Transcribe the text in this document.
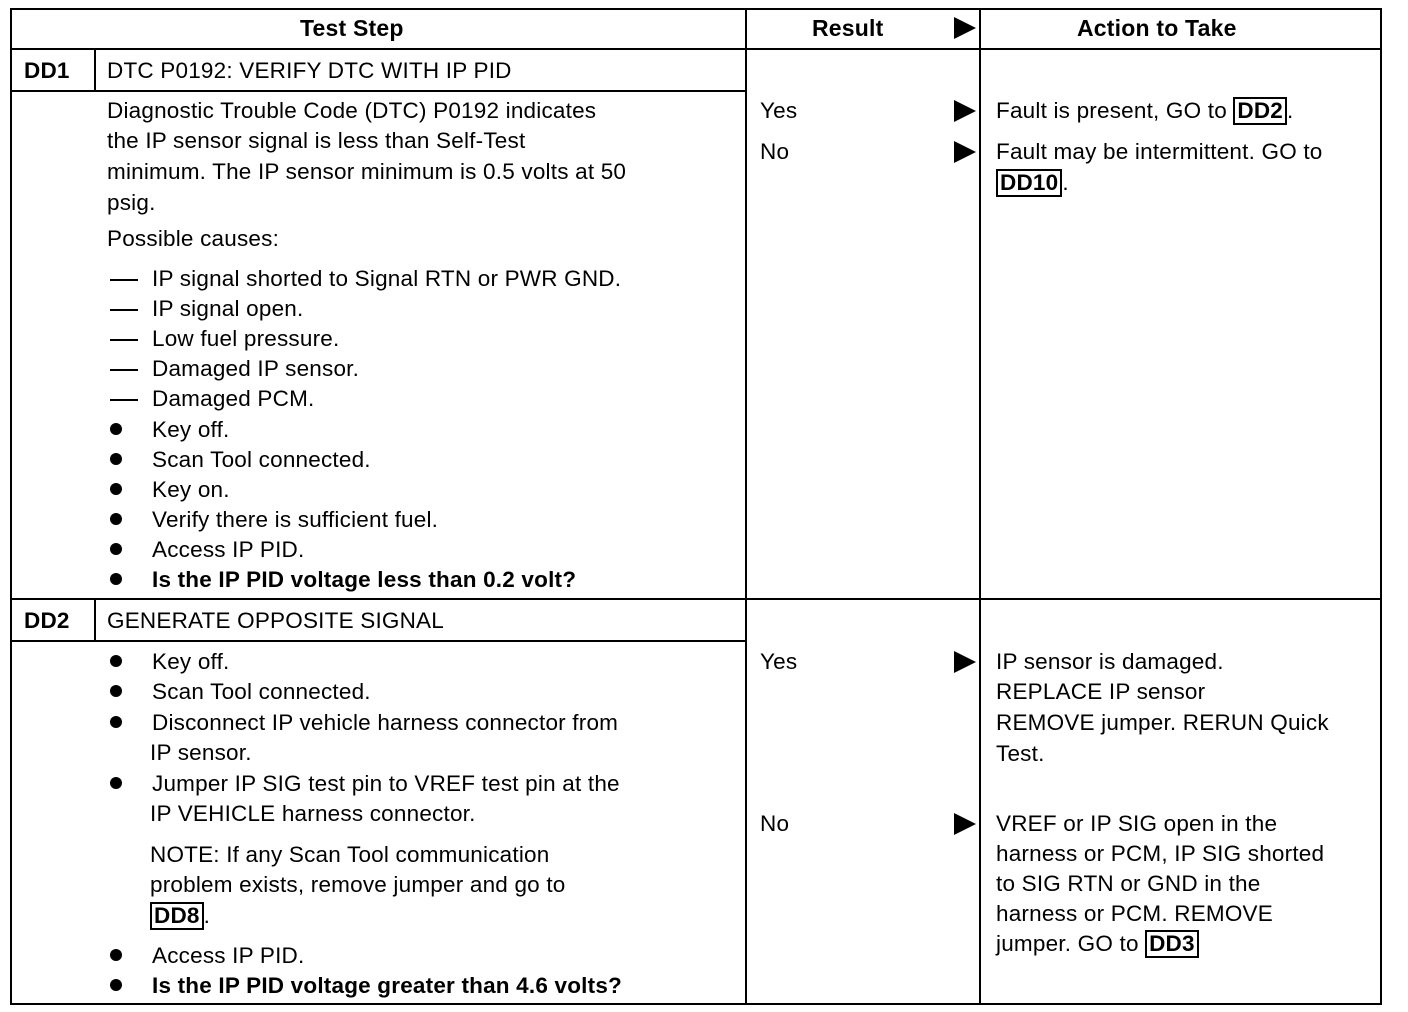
Test Step	Result	Action to Take
DD1 DTC P0192: VERIFY DTC WITH IP PID
Diagnostic Trouble Code (DTC) P0192 indicates
the IP sensor signal is less than Self-Test
minimum. The IP sensor minimum is 0.5 volts at 50
psig.
Possible causes:
IP signal shorted to Signal RTN or PWR GND.
IP signal open.
Low fuel pressure.
Damaged IP sensor.
Damaged PCM.
Key off.
Scan Tool connected.
Key on.
Verify there is sufficient fuel.
Access IP PID.
Is the IP PID voltage less than 0.2 volt?
Yes	Fault is present, GO to DD2 .
No	Fault may be intermittent. GO to
DD10 .
DD2 GENERATE OPPOSITE SIGNAL
Key off.
Scan Tool connected.
Disconnect IP vehicle harness connector from
IP sensor.
Jumper IP SIG test pin to VREF test pin at the
IP VEHICLE harness connector.
NOTE: If any Scan Tool communication
problem exists, remove jumper and go to
DD8 .
Access IP PID.
Is the IP PID voltage greater than 4.6 volts?
Yes	IP sensor is damaged.
REPLACE IP sensor
REMOVE jumper. RERUN Quick
Test.
No	VREF or IP SIG open in the
harness or PCM, IP SIG shorted
to SIG RTN or GND in the
harness or PCM. REMOVE
jumper. GO to DD3
